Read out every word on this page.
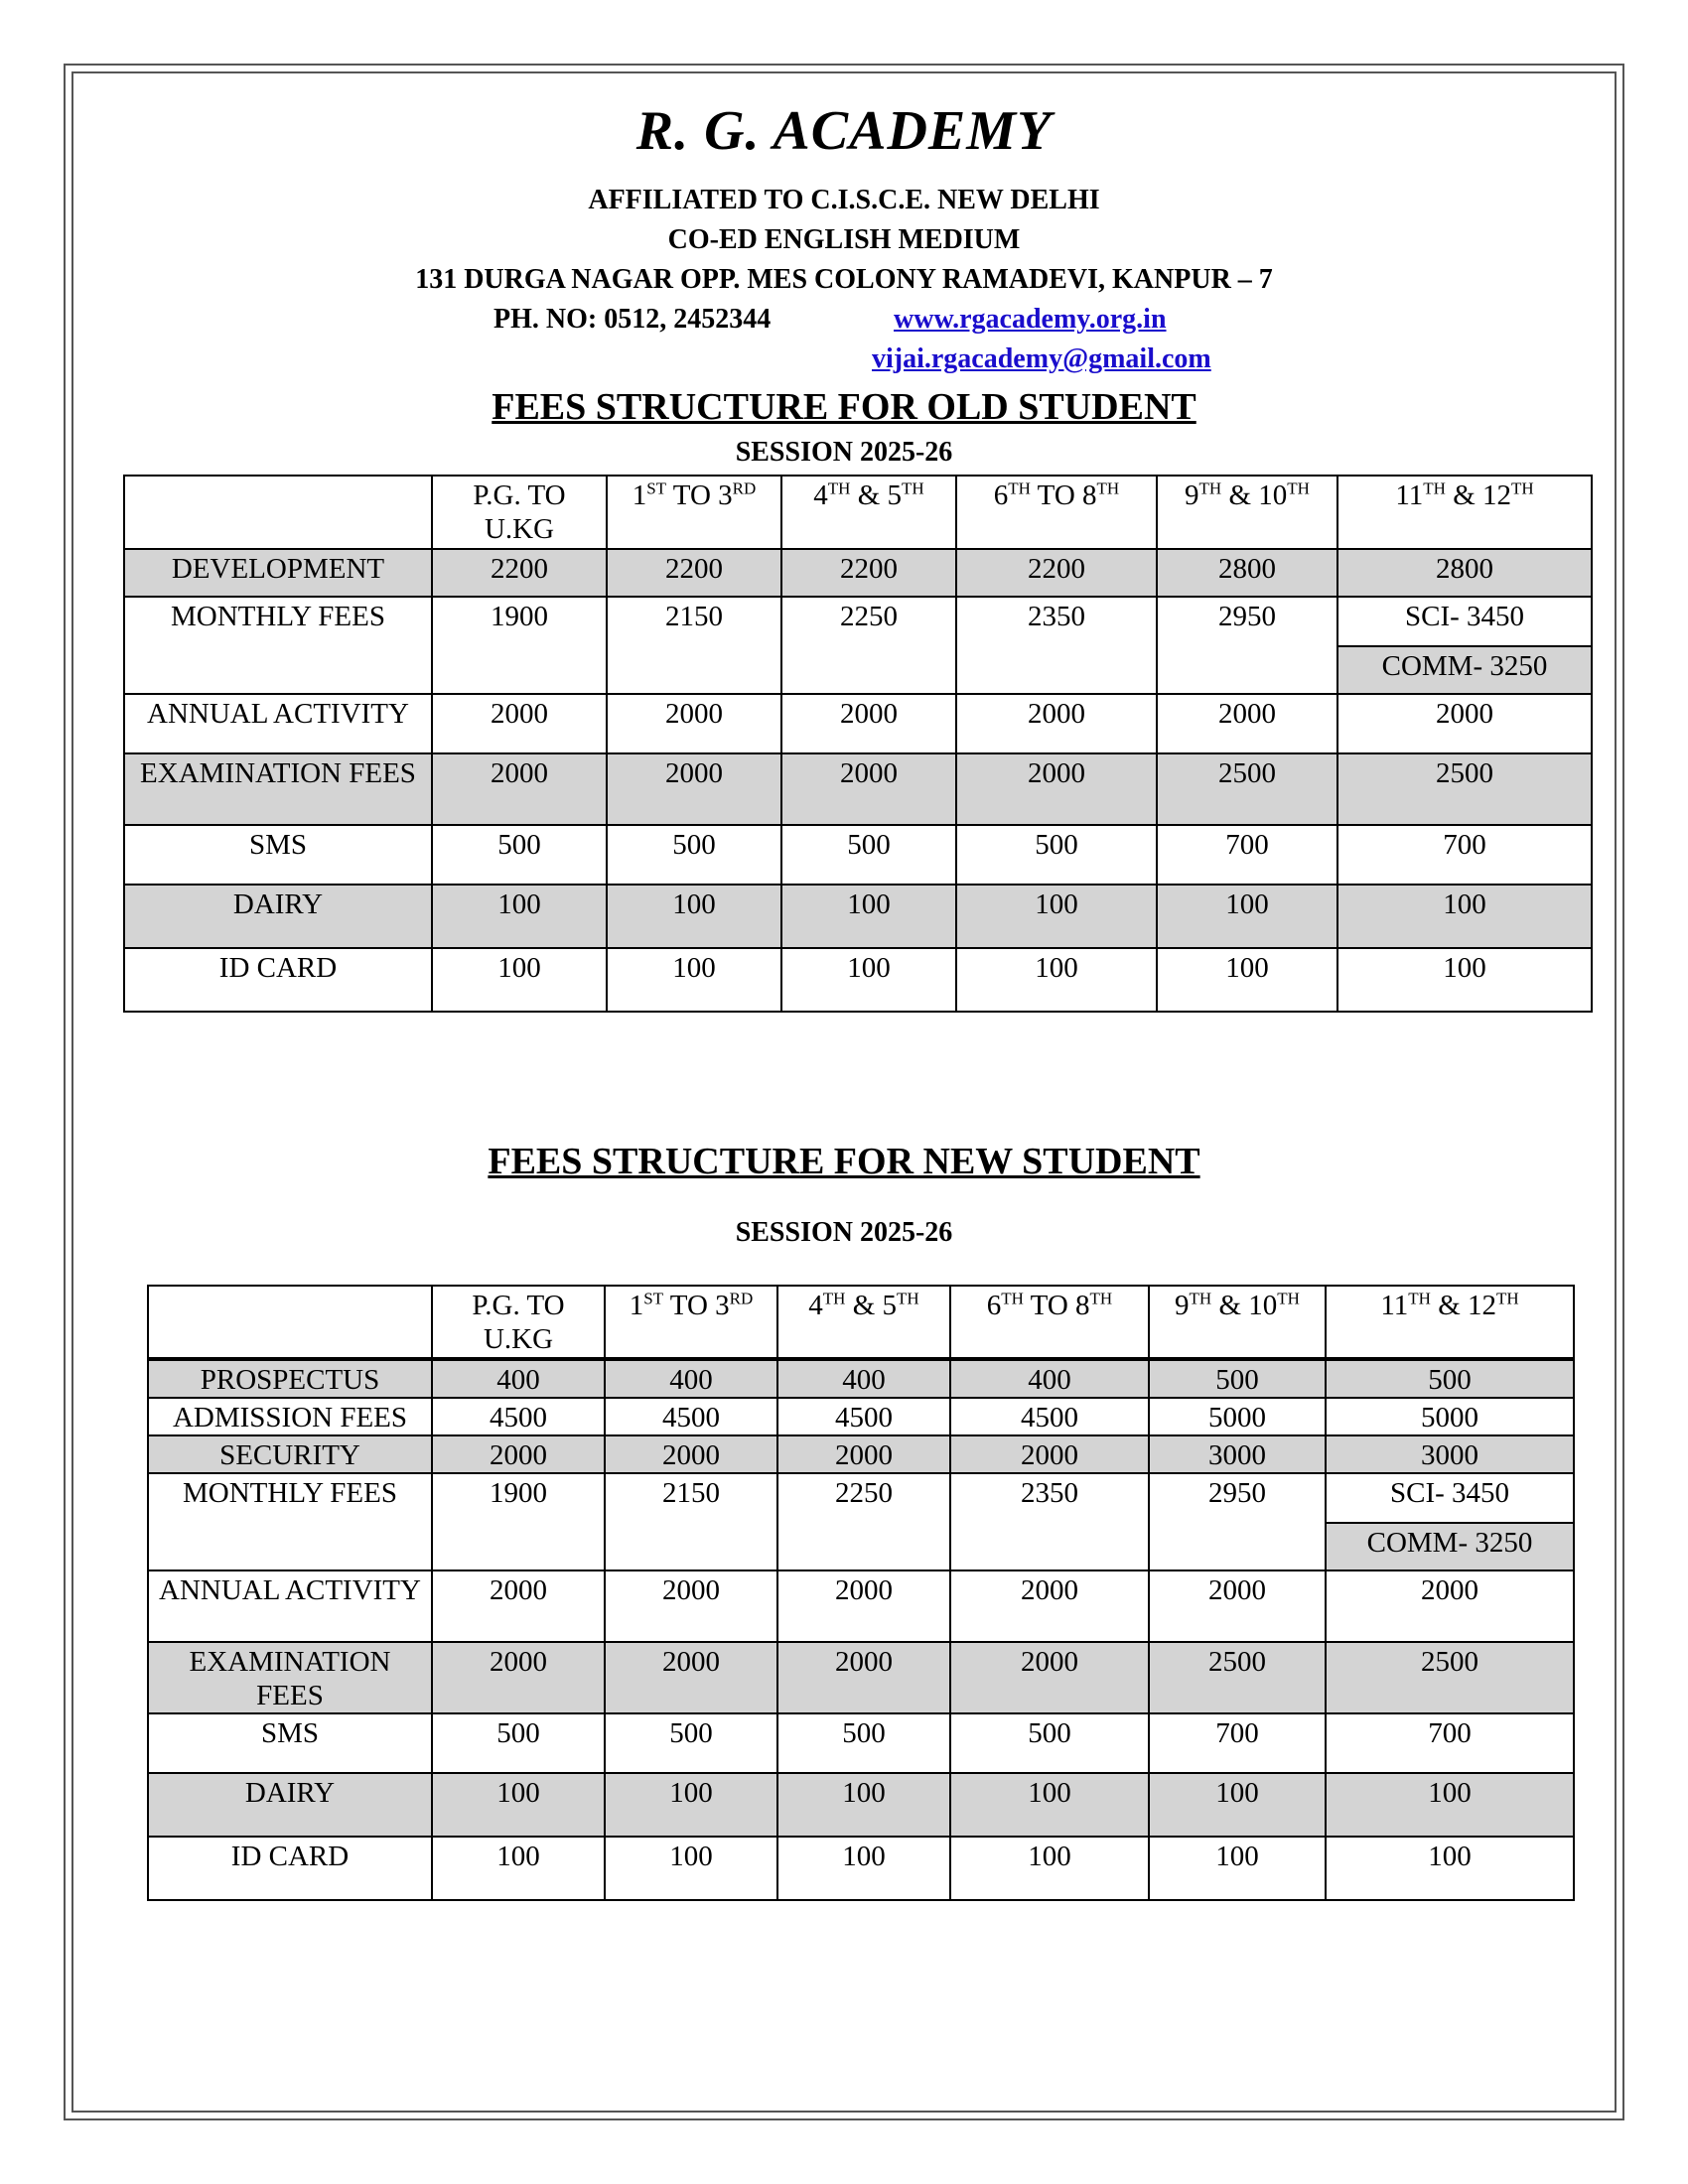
R. G. ACADEMY
AFFILIATED TO C.I.S.C.E. NEW DELHI
CO-ED ENGLISH MEDIUM
131 DURGA NAGAR OPP. MES COLONY RAMADEVI, KANPUR – 7
PH. NO: 0512, 2452344	www.rgacademy.org.in
vijai.rgacademy@gmail.com
FEES STRUCTURE FOR OLD STUDENT
SESSION 2025-26
	P.G. TO U.KG	1ST TO 3RD	4TH & 5TH	6TH TO 8TH	9TH & 10TH	11TH & 12TH
DEVELOPMENT	2200	2200	2200	2200	2800	2800
MONTHLY FEES	1900	2150	2250	2350	2950	SCI- 3450
						COMM- 3250
ANNUAL ACTIVITY	2000	2000	2000	2000	2000	2000
EXAMINATION FEES	2000	2000	2000	2000	2500	2500
SMS	500	500	500	500	700	700
DAIRY	100	100	100	100	100	100
ID CARD	100	100	100	100	100	100
FEES STRUCTURE FOR NEW STUDENT
SESSION 2025-26
	P.G. TO U.KG	1ST TO 3RD	4TH & 5TH	6TH TO 8TH	9TH & 10TH	11TH & 12TH
PROSPECTUS	400	400	400	400	500	500
ADMISSION FEES	4500	4500	4500	4500	5000	5000
SECURITY	2000	2000	2000	2000	3000	3000
MONTHLY FEES	1900	2150	2250	2350	2950	SCI- 3450
						COMM- 3250
ANNUAL ACTIVITY	2000	2000	2000	2000	2000	2000
EXAMINATION FEES	2000	2000	2000	2000	2500	2500
SMS	500	500	500	500	700	700
DAIRY	100	100	100	100	100	100
ID CARD	100	100	100	100	100	100
